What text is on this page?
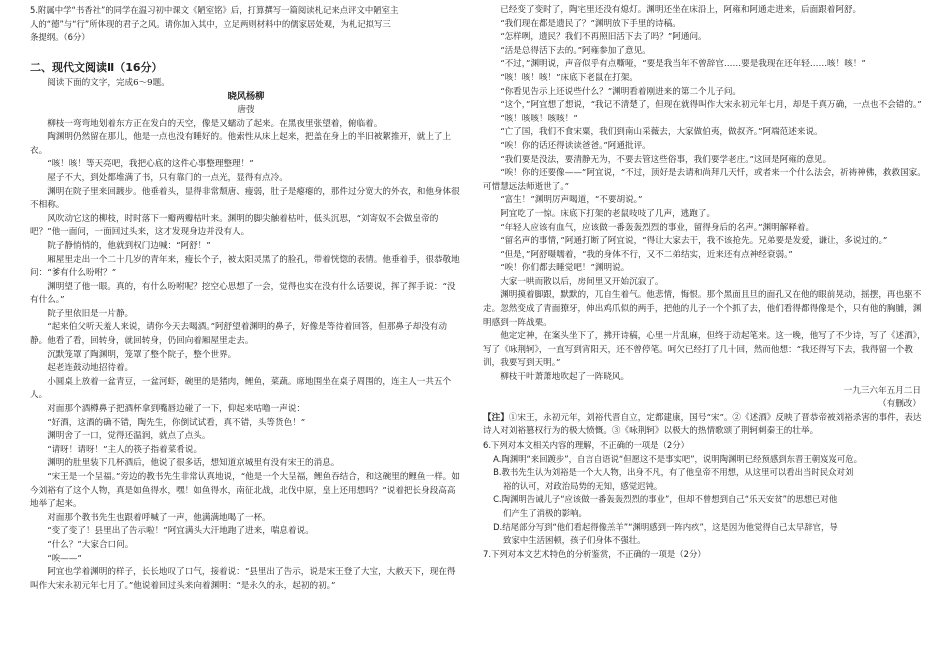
5.附属中学“书香社”的同学在温习初中课文《陋室铭》后，打算撰写一篇阅读札记来点评文中陋室主

人的“德”与“行”所体现的君子之风。请你加入其中，立足两则材料中的儒家居处观，为札记拟写三

条提纲。（6分）

二、现代文阅读Ⅱ（16分）

阅读下面的文字，完成6～9题。

晓风杨柳

唐弢

柳枝一弯弯地划着东方正在发白的天空，像是又蠕动了起来。在黑夜里张望着，俯临着。

陶渊明仍然留在那儿，他是一点也没有睡好的。他索性从床上起来，把盖在身上的半旧被絮推开，就上了上衣。

“咳！咳！等天亮吧，我把心底的这件心事整理整理！”

屋子不大，到处都堆满了书，只有靠门的一点光，显得有点冷。

渊明在院子里来回踱步。他垂着头，显得非常颓唐、瘦弱，肚子是瘪瘪的，那件过分宽大的外衣，和他身体很不相称。

风吹动它这的柳枝，时时落下一瓣两瓣枯叶来。渊明的脚尖触着枯叶，低头沉思，“刘寄奴不会做皇帝的吧？”他一面问，一面回过头来，这才发现身边并没有人。

院子静悄悄的，他就到权门边喊：“阿舒！”

厢屋里走出一个二十几岁的青年来，瘦长个子，被太阳灵黑了的脸孔，带着恍惚的表情。他垂着手，很恭敬地问：“爹有什么吩咐？”

渊明望了他一眼。真的，有什么吩咐呢？挖空心思想了一会，觉得也实在没有什么话要说，挥了挥手说：“没有什么。”

院子里依旧是一片静。

“起来伯父听天羞人来说，请你今天去喝酒。”阿舒望着渊明的鼻子，好像是等待着回答，但那鼻子却没有动静。他看了看，回转身，就回转身，仍回向着厢屋里走去。

沉默笼罩了陶渊明，笼罩了整个院子，整个世界。

起老连鼓动地招待着。

小圆桌上放着一盆青豆，一盆河虾，碗里的是猪肉，鲤鱼，菜蔬。席地围坐在桌子周围的，连主人一共五个人。

对面那个酒樽鼻子把酒杯拿到嘴唇边碰了一下，仰起来咕噜一声说：

“好酒，这酒的确不错，陶先生，你倒试试看，真不错，头等货色！”

渊明舍了一口，觉得还温润，就点了点头。

“请呀！请呀！”主人的筷子指着菜肴说。

渊明的肚里装下几杯酒后，他说了很多话，想知道京城里有没有宋王的消息。

“宋王是一个呈福。”旁边的教书先生非常认真地说，“他是一个大呈福，鲤鱼吞结合，和这碗里的鲤鱼一样。如今刘裕有了这个人物，真是如鱼得水，嘿！如鱼得水，南征北战，北伐中原，皇上还用想吗？”说着把长身段高高地举了起来。

对面那个教书先生也跟着呼喊了一声，他满满地喝了一杯。

“变了变了！县里出了告示啦！”阿宜满头大汗地跑了进来，喘息着说。

“什么？”大家合口问。

“唉——”

阿宜也学着渊明的样子，长长地叹了口气，接着说：“县里出了告示，说是宋王登了大宝，大赦天下，现在得叫作大宋永初元年七月了。”他说着回过头来向着渊明：“是永久的永，起初的初。”

已经变了变时了，陶宅里还没有熄灯。渊明还坐在床沿上，阿雍和阿通走进来，后面跟着阿舒。

“我们现在都是遗民了？”渊明放下手里的诗稿。

“怎样咧，遗民？我们不再照旧活下去了吗？”阿通问。

“活是总得活下去的。”阿雍参加了意见。

“不过，”渊明说，声音似乎有点嘶哑，“要是我当年不曾辞官……要是我现在还年轻……咳！咳！”

“咳！咳！咳！”床底下老鼠在打架。

“你看见告示上还说些什么？”渊明看着刚进来的第二个儿子问。

“这个，”阿宜想了想说，“我记不清楚了，但现在就得叫作大宋永初元年七月，却是千真万确，一点也不会错的。”

“咳！咳咳！咳咳！”

“亡了国，我们不食宋粟，我们到南山采薇去，大家做伯夷，做叔齐。”阿端范述来说。

“唉！你的话还得读读爸爸。”阿通批评。

“我们要是没法，要清静无为，不要去管这些俗事，我们要学老庄。”这回是阿雍的意见。

“唉！你的还要像——”阿宜说，“不过，顶好是去请和尚拜几天忏，或者来一个什么法会，祈祷神佛，救救国家。可惜慧远法师逝世了。”

“富生！”渊明厉声喝道，“不要胡说。”

阿宜吃了一惊。床底下打架的老鼠吱吱了几声，逃跑了。

“年轻人应该有血气，应该做一番轰轰烈烈的事业，留得身后的名声。”渊明解释着。

“留名声的事情，”阿通打断了阿宜说，“得让大家去干，我不该抢先。兄弟要是发爱，谦让，多说过的。”

“但是，”阿舒嗫嚅着，“我的身体不行，又不二弟结实，近来还有点神经衰弱。”

“唉！你们都去睡觉吧！”渊明说。

大家一哄而散以后，房间里又开始沉寂了。

渊明摸着脚跟，默默的，兀自生着气。他悲情，悔恨。那个黑面且旦的面孔又在他的眼前晃动，摇摆，再也驱不走。忽然变成了青面獠牙，伸出鸡爪似的两手，把他的儿子一个个抓了去，他们看得都得像是个，只有他的胸脯，渊明感到一阵战栗。

他定定神，在案头坐下了，拂开诗稿，心里一片乱麻，但终于动起笔来。这一晚，他写了不少诗，写了《述酒》，写了《咏荆轲》，一直写到宵阳天，还不曾停笔。呵欠已经打了几十回，然而他想：“我还得写下去，我得留一个教训，我要写到天明。”

柳枝干叶萧萧地吹起了一阵晓风。

一九三六年五月二日

（有删改）

【注】①宋王，永初元年，刘裕代晋自立，定都建康，国号“宋”。②《述酒》反映了晋恭帝被刘裕杀害的事件，表达诗人对刘裕篡权行为的极大愤慨。③《咏荆轲》以极大的热情歌颂了荆轲刺秦王的壮举。

6.下列对本文相关内容的理解，不正确的一项是（2分）

A.陶渊明“来回踱步”，自言自语说“但愿这不是事实吧”，说明陶渊明已经预感到东晋王朝岌岌可危。

B.教书先生认为刘裕是一个大人物，出身不凡，有了他皇帝不用想，从这里可以看出当时民众对刘

裕的认可，对政治局势的无知，感觉迟钝。

C.陶渊明告诫儿子“应该做一番轰轰烈烈的事业”，但却不曾想到自己“乐天安贫”的思想已对他

们产生了消极的影响。

D.结尾部分写到“他们看起得像羔羊”“渊明感到一阵内疚”，这是因为他觉得自己太早辞官，导

致家中生活困顿，孩子们身体不强壮。

7.下列对本文艺术特色的分析鉴赏，不正确的一项是（2分）
